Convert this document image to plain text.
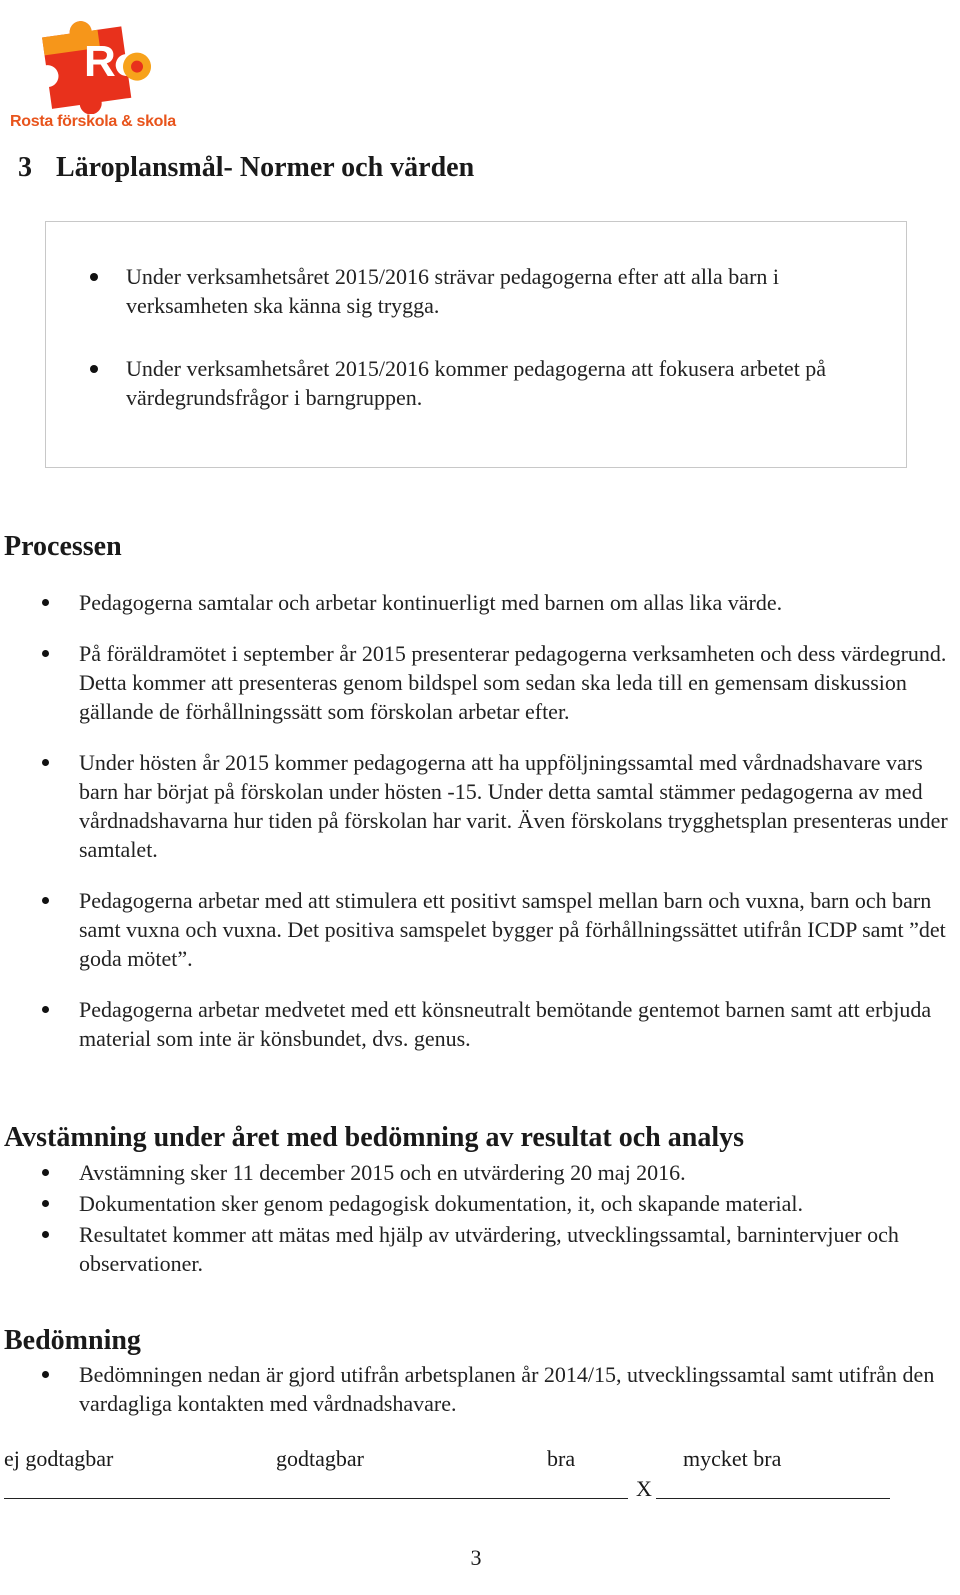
R
Rosta förskola & skola
3 Läroplansmål- Normer och värden
Under verksamhetsåret 2015/2016 strävar pedagogerna efter att alla barn i verksamheten ska känna sig trygga.
Under verksamhetsåret 2015/2016 kommer pedagogerna att fokusera arbetet på värdegrundsfrågor i barngruppen.
Processen
Pedagogerna samtalar och arbetar kontinuerligt med barnen om allas lika värde.
På föräldramötet i september år 2015 presenterar pedagogerna verksamheten och dess värdegrund. Detta kommer att presenteras genom bildspel som sedan ska leda till en gemensam diskussion gällande de förhållningssätt som förskolan arbetar efter.
Under hösten år 2015 kommer pedagogerna att ha uppföljningssamtal med vårdnadshavare vars barn har börjat på förskolan under hösten -15. Under detta samtal stämmer pedagogerna av med vårdnadshavarna hur tiden på förskolan har varit. Även förskolans trygghetsplan presenteras under samtalet.
Pedagogerna arbetar med att stimulera ett positivt samspel mellan barn och vuxna, barn och barn samt vuxna och vuxna. Det positiva samspelet bygger på förhållningssättet utifrån ICDP samt ”det goda mötet”.
Pedagogerna arbetar medvetet med ett könsneutralt bemötande gentemot barnen samt att erbjuda material som inte är könsbundet, dvs. genus.
Avstämning under året med bedömning av resultat och analys
Avstämning sker 11 december 2015 och en utvärdering 20 maj 2016.
Dokumentation sker genom pedagogisk dokumentation, it, och skapande material.
Resultatet kommer att mätas med hjälp av utvärdering, utvecklingssamtal, barnintervjuer och observationer.
Bedömning
Bedömningen nedan är gjord utifrån arbetsplanen år 2014/15, utvecklingssamtal samt utifrån den vardagliga kontakten med vårdnadshavare.
ej godtagbar	godtagbar	bra	mycket bra
X
3
